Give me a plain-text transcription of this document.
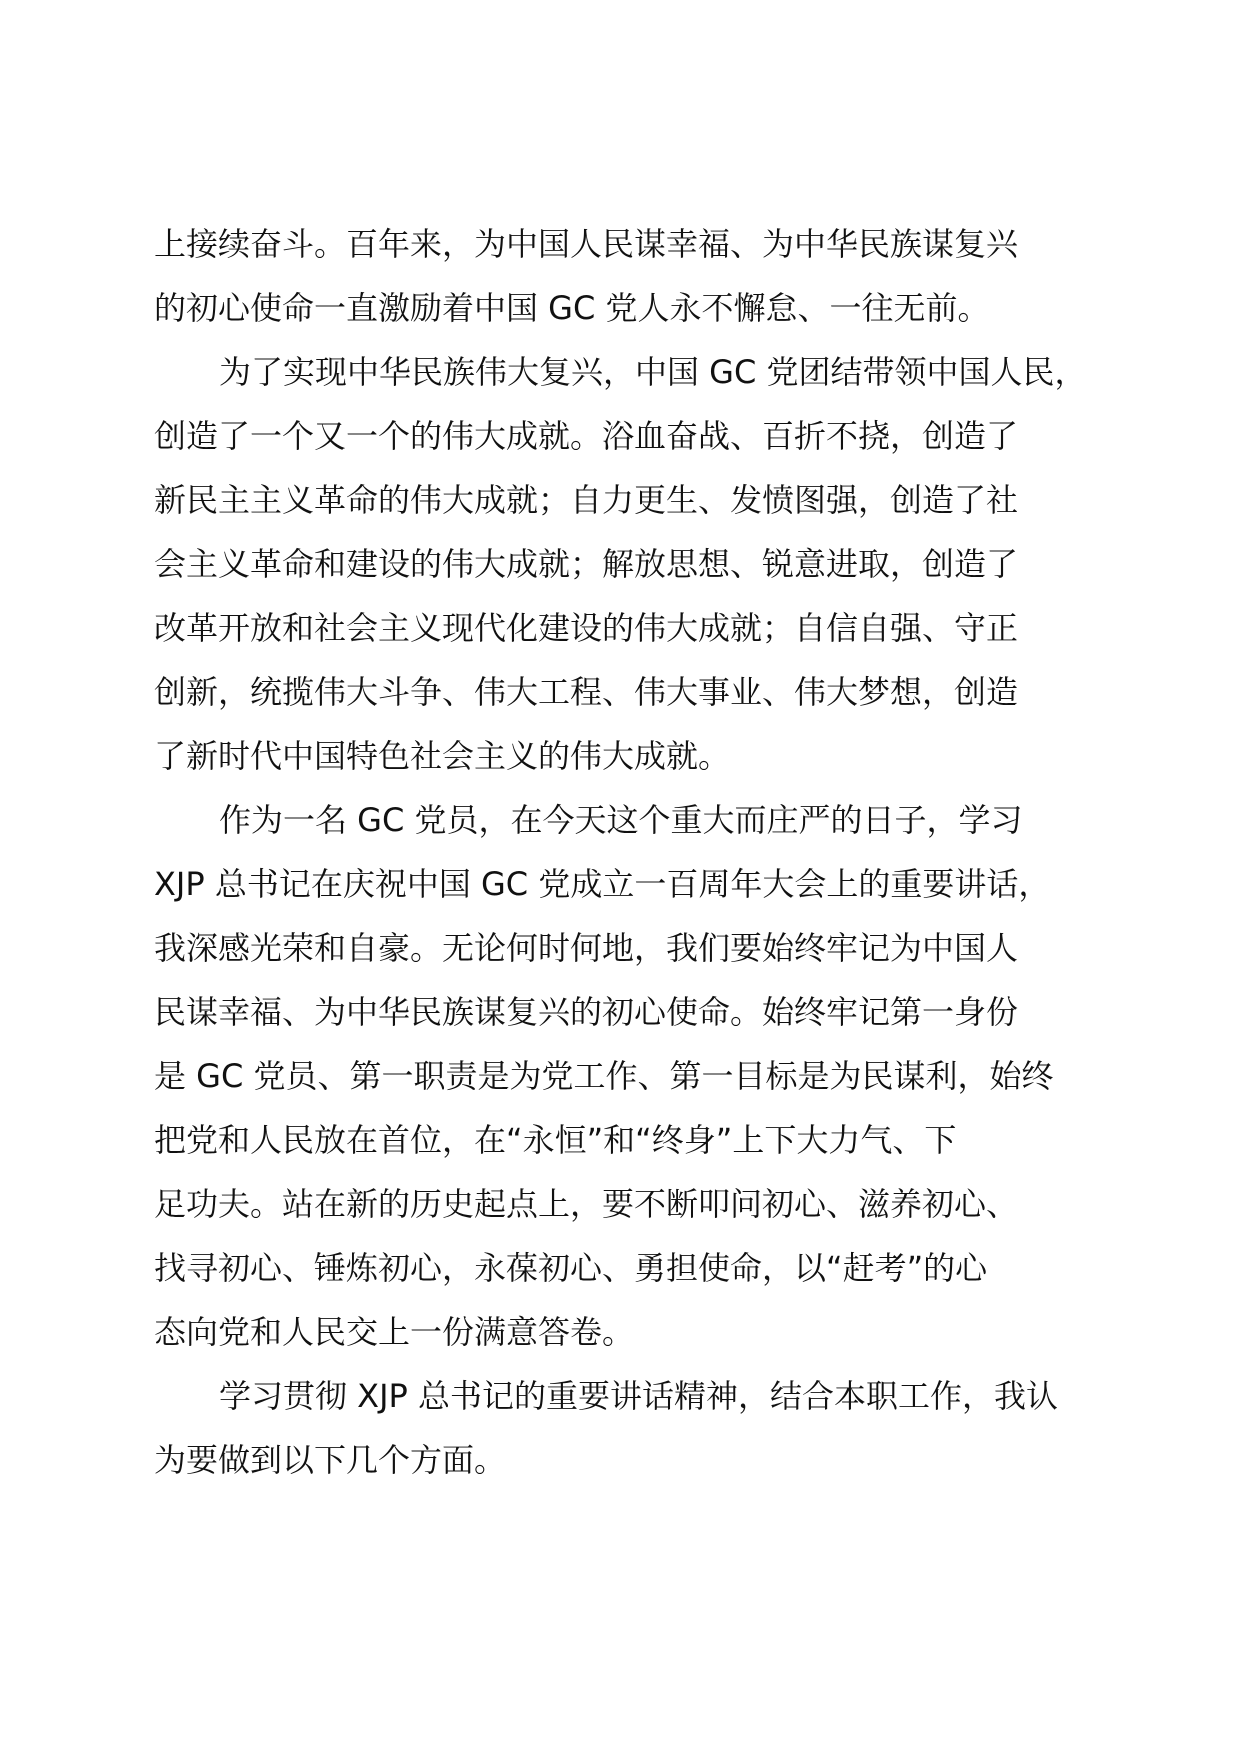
上接续奋斗。百年来，为中国人民谋幸福、为中华民族谋复兴
的初心使命一直激励着中国 GC 党人永不懈怠、一往无前。
为了实现中华民族伟大复兴，中国 GC 党团结带领中国人民，
创造了一个又一个的伟大成就。浴血奋战、百折不挠，创造了
新民主主义革命的伟大成就；自力更生、发愤图强，创造了社
会主义革命和建设的伟大成就；解放思想、锐意进取，创造了
改革开放和社会主义现代化建设的伟大成就；自信自强、守正
创新，统揽伟大斗争、伟大工程、伟大事业、伟大梦想，创造
了新时代中国特色社会主义的伟大成就。
作为一名 GC 党员，在今天这个重大而庄严的日子，学习
XJP 总书记在庆祝中国 GC 党成立一百周年大会上的重要讲话，
我深感光荣和自豪。无论何时何地，我们要始终牢记为中国人
民谋幸福、为中华民族谋复兴的初心使命。始终牢记第一身份
是 GC 党员、第一职责是为党工作、第一目标是为民谋利，始终
把党和人民放在首位，在“永恒”和“终身”上下大力气、下
足功夫。站在新的历史起点上，要不断叩问初心、滋养初心、
找寻初心、锤炼初心，永葆初心、勇担使命，以“赶考”的心
态向党和人民交上一份满意答卷。
学习贯彻 XJP 总书记的重要讲话精神，结合本职工作，我认
为要做到以下几个方面。
